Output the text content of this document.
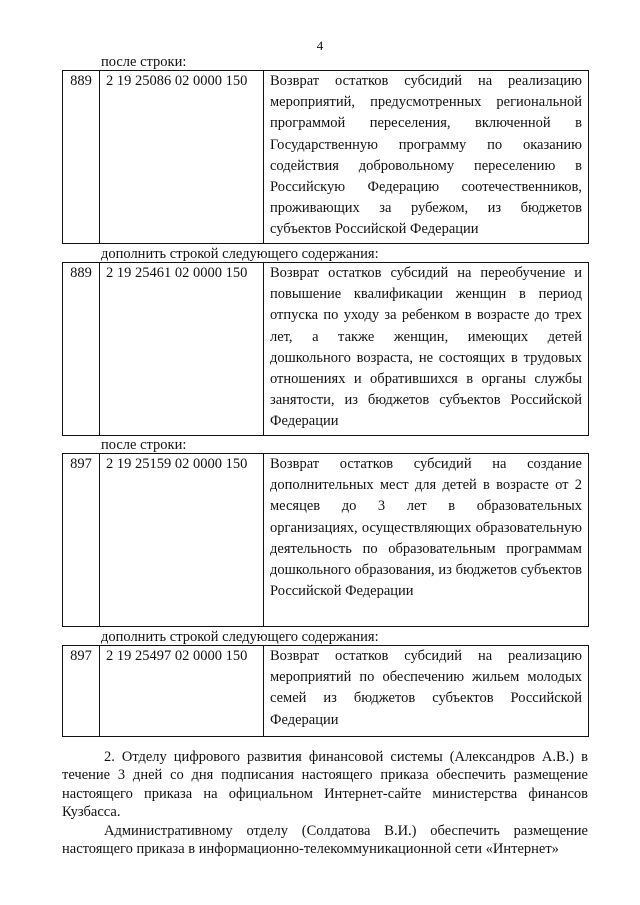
4
после строки:
889	2 19 25086 02 0000 150	Возврат остатков субсидий на реализацию мероприятий, предусмотренных региональной программой переселения, включенной в Государственную программу по оказанию содействия добровольному переселению в Российскую Федерацию соотечественников, проживающих за рубежом, из бюджетов субъектов Российской Федерации
дополнить строкой следующего содержания:
889	2 19 25461 02 0000 150	Возврат остатков субсидий на переобучение и повышение квалификации женщин в период отпуска по уходу за ребенком в возрасте до трех лет, а также женщин, имеющих детей дошкольного возраста, не состоящих в трудовых отношениях и обратившихся в органы службы занятости, из бюджетов субъектов Российской Федерации
после строки:
897	2 19 25159 02 0000 150	Возврат остатков субсидий на создание дополнительных мест для детей в возрасте от 2 месяцев до 3 лет в образовательных организациях, осуществляющих образовательную деятельность по образовательным программам дошкольного образования, из бюджетов субъектов Российской Федерации
дополнить строкой следующего содержания:
897	2 19 25497 02 0000 150	Возврат остатков субсидий на реализацию мероприятий по обеспечению жильем молодых семей из бюджетов субъектов Российской Федерации
2. Отделу цифрового развития финансовой системы (Александров А.В.) в течение 3 дней со дня подписания настоящего приказа обеспечить размещение настоящего приказа на официальном Интернет-сайте министерства финансов Кузбасса.
Административному отделу (Солдатова В.И.) обеспечить размещение настоящего приказа в информационно-телекоммуникационной сети «Интернет»
